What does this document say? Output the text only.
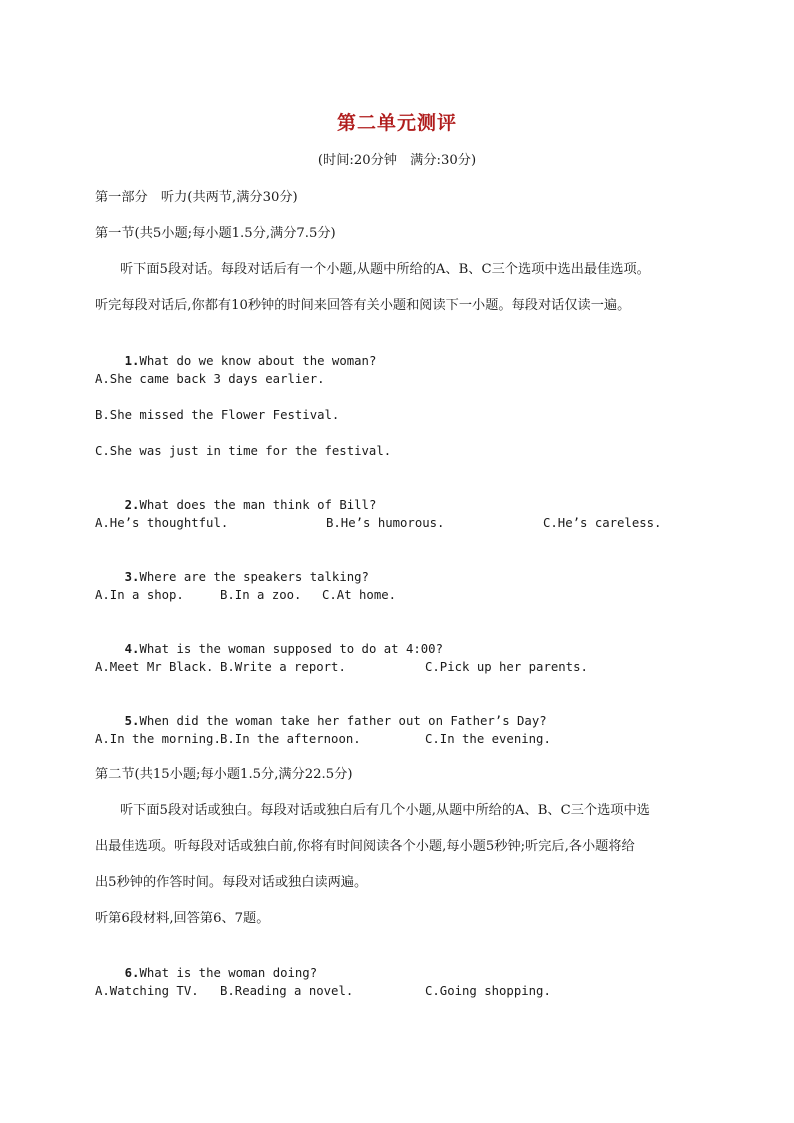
第二单元测评
(时间:20分钟　满分:30分)
第一部分　听力(共两节,满分30分)
第一节(共5小题;每小题1.5分,满分7.5分)
听下面5段对话。每段对话后有一个小题,从题中所给的A、B、C三个选项中选出最佳选项。
听完每段对话后,你都有10秒钟的时间来回答有关小题和阅读下一小题。每段对话仅读一遍。

1.What do we know about the woman?

A.She came back 3 days earlier.
B.She missed the Flower Festival.
C.She was just in time for the festival.

2.What does the man think of Bill?

A.He’s thoughtful.	B.He’s humorous.	C.He’s careless.

3.Where are the speakers talking?

A.In a shop.	B.In a zoo. C.At home.

4.What is the woman supposed to do at 4:00?

A.Meet Mr Black. B.Write a report.	C.Pick up her parents.

5.When did the woman take her father out on Father’s Day?

A.In the morning. B.In the afternoon.	C.In the evening.
第二节(共15小题;每小题1.5分,满分22.5分)
听下面5段对话或独白。每段对话或独白后有几个小题,从题中所给的A、B、C三个选项中选
出最佳选项。听每段对话或独白前,你将有时间阅读各个小题,每小题5秒钟;听完后,各小题将给
出5秒钟的作答时间。每段对话或独白读两遍。
听第6段材料,回答第6、7题。

6.What is the woman doing?

A.Watching TV. B.Reading a novel.	C.Going shopping.
